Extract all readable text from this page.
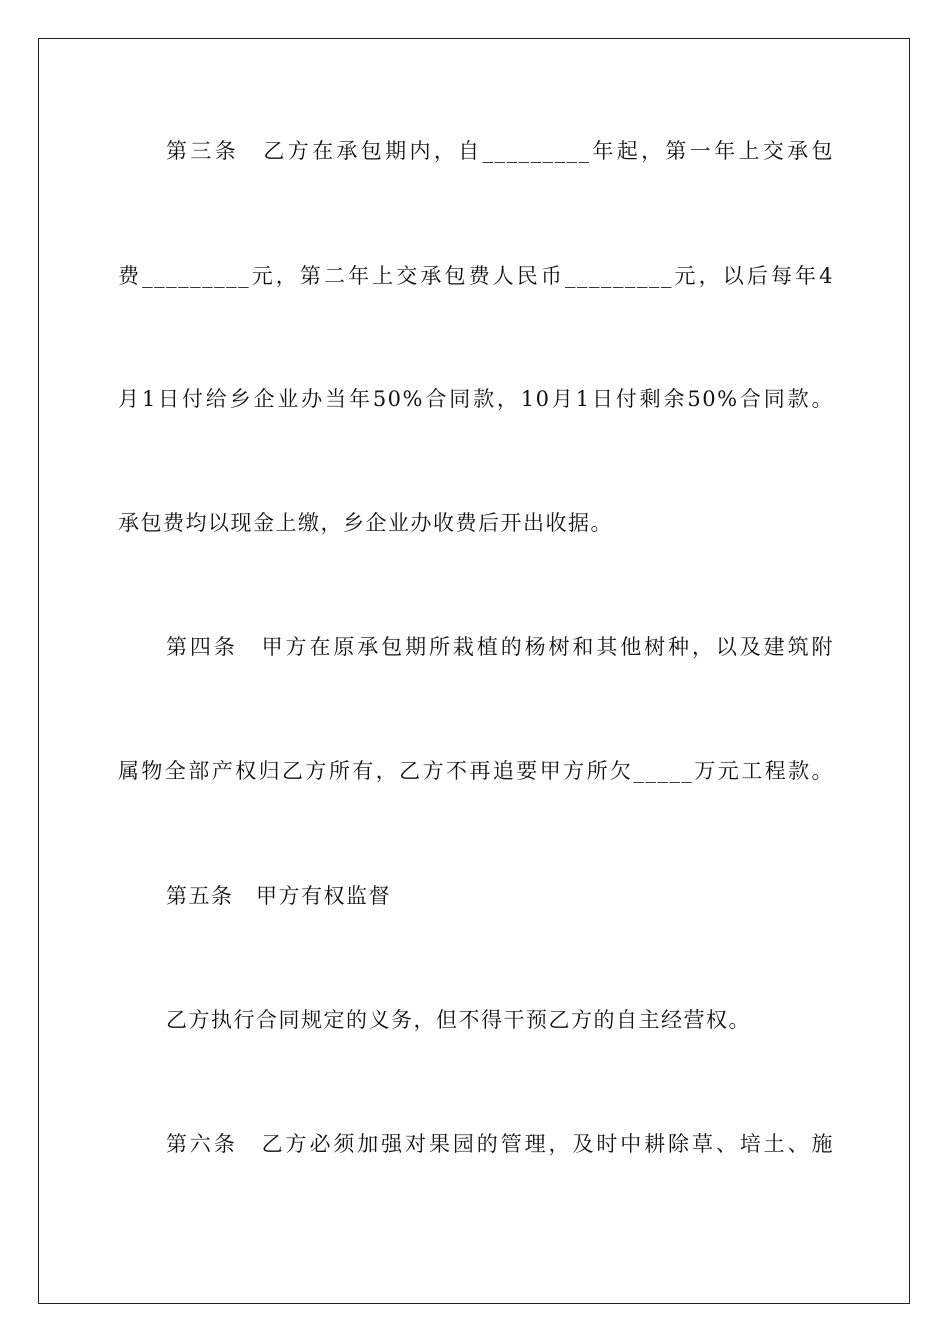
第三条　乙方在承包期内，自_________年起，第一年上交承包
费_________元，第二年上交承包费人民币_________元，以后每年4
月1日付给乡企业办当年50%合同款，10月1日付剩余50%合同款。
承包费均以现金上缴，乡企业办收费后开出收据。
第四条　甲方在原承包期所栽植的杨树和其他树种，以及建筑附
属物全部产权归乙方所有，乙方不再追要甲方所欠_____万元工程款。
第五条　甲方有权监督
乙方执行合同规定的义务，但不得干预乙方的自主经营权。
第六条　乙方必须加强对果园的管理，及时中耕除草、培土、施
